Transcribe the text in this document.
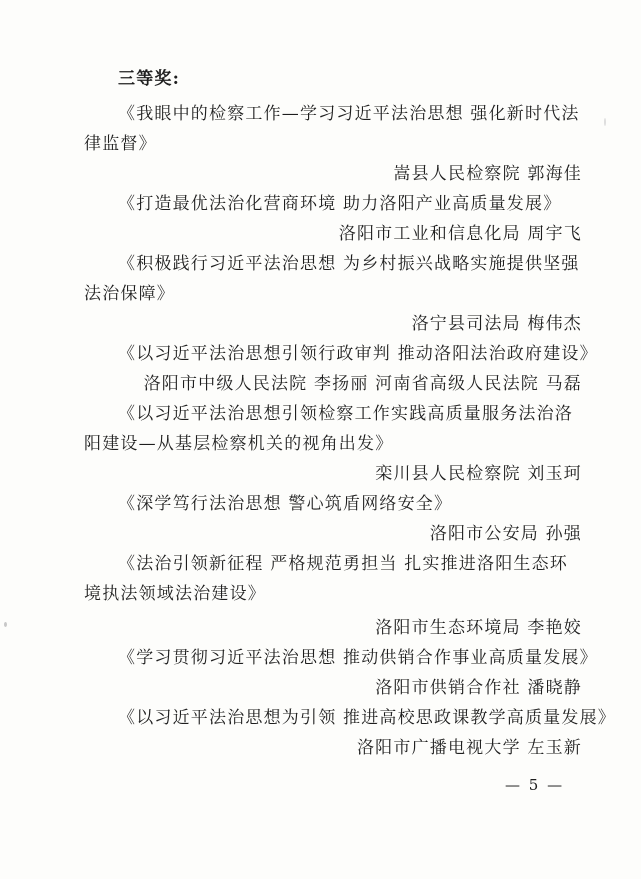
三等奖:
《我眼中的检察工作—学习习近平法治思想 强化新时代法
律监督》
嵩县人民检察院 郭海佳
《打造最优法治化营商环境 助力洛阳产业高质量发展》
洛阳市工业和信息化局 周宇飞
《积极践行习近平法治思想 为乡村振兴战略实施提供坚强
法治保障》
洛宁县司法局 梅伟杰
《以习近平法治思想引领行政审判 推动洛阳法治政府建设》
洛阳市中级人民法院 李扬丽 河南省高级人民法院 马磊
《以习近平法治思想引领检察工作实践高质量服务法治洛
阳建设—从基层检察机关的视角出发》
栾川县人民检察院 刘玉珂
《深学笃行法治思想 警心筑盾网络安全》
洛阳市公安局 孙强
《法治引领新征程 严格规范勇担当 扎实推进洛阳生态环
境执法领域法治建设》
洛阳市生态环境局 李艳姣
《学习贯彻习近平法治思想 推动供销合作事业高质量发展》
洛阳市供销合作社 潘晓静
《以习近平法治思想为引领 推进高校思政课教学高质量发展》
洛阳市广播电视大学 左玉新
— 5 —
